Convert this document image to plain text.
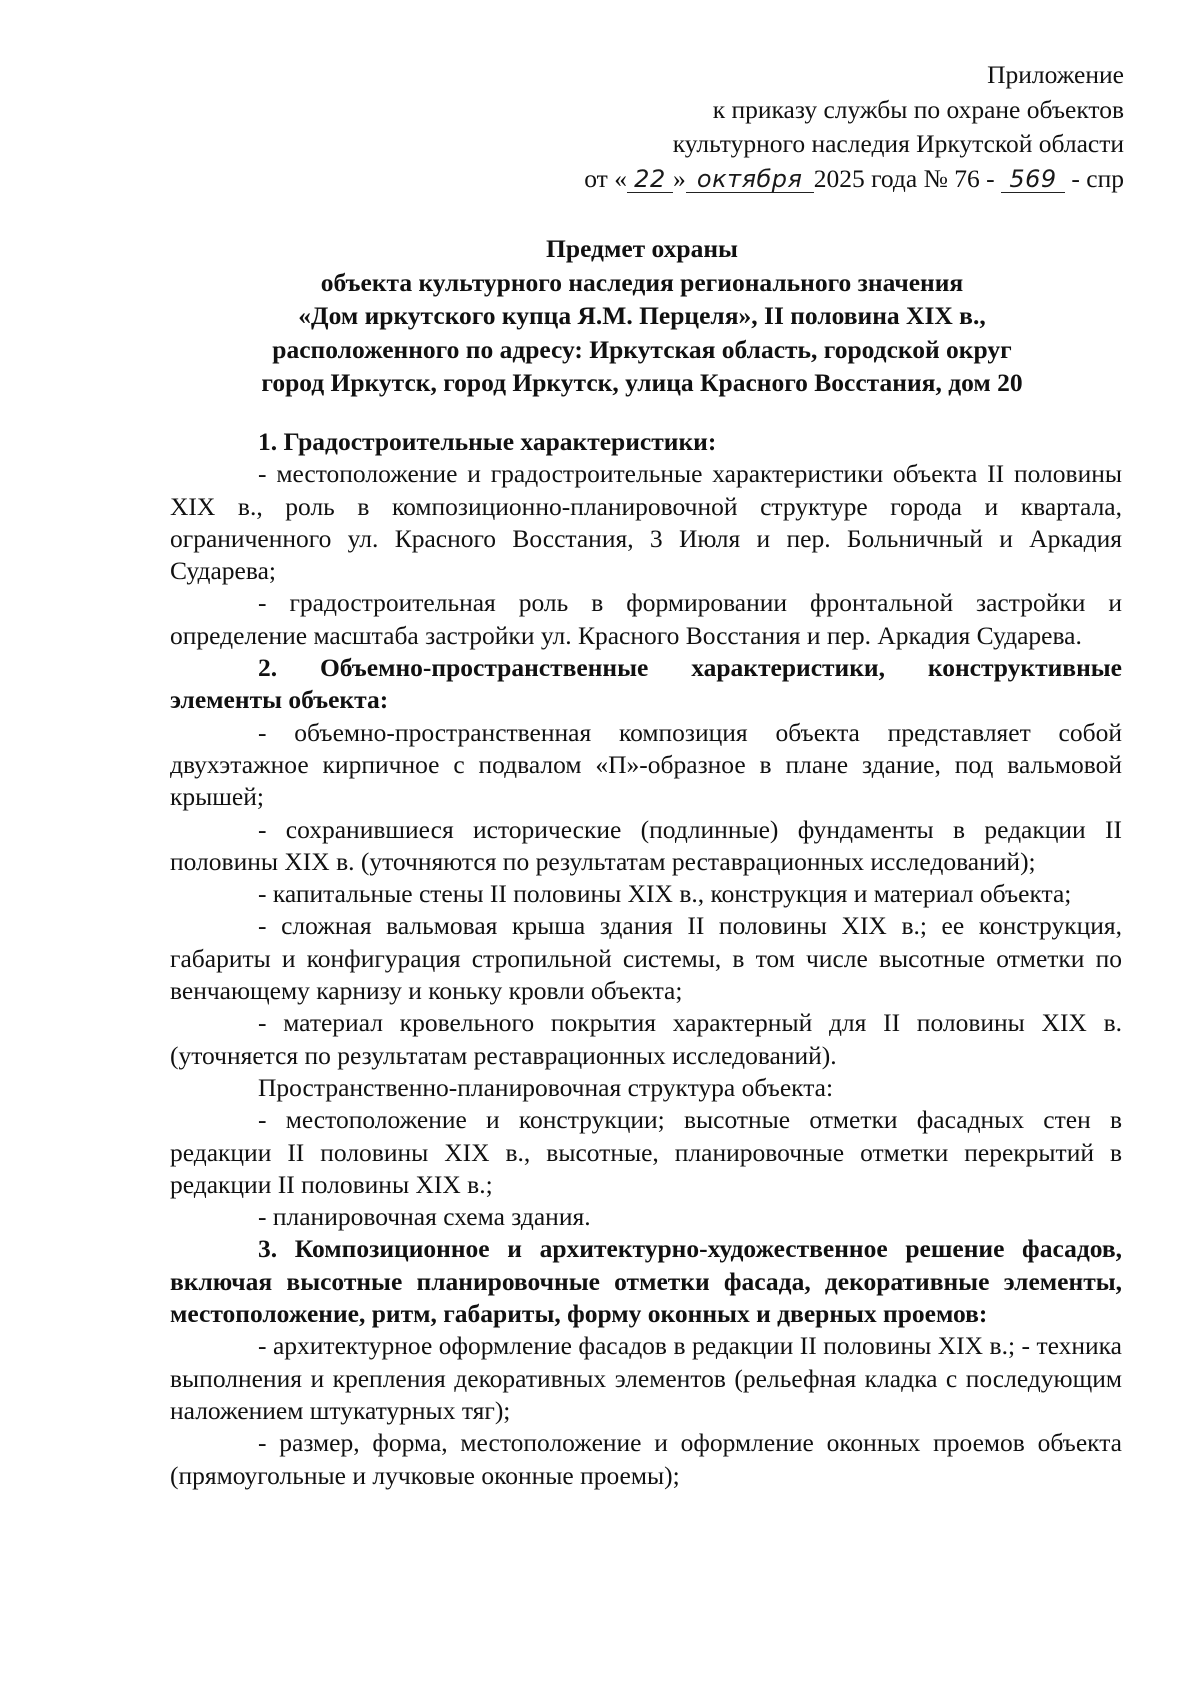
Приложение
к приказу службы по охране объектов
культурного наследия Иркутской области
от « 22 » октября 2025 года № 76 - 569 - спр
Предмет охраны
объекта культурного наследия регионального значения
«Дом иркутского купца Я.М. Перцеля», II половина XIX в.,
расположенного по адресу: Иркутская область, городской округ
город Иркутск, город Иркутск, улица Красного Восстания, дом 20

1. Градостроительные характеристики:

- местоположение и градостроительные характеристики объекта II половины XIX в., роль в композиционно-планировочной структуре города и квартала, ограниченного ул. Красного Восстания, 3 Июля и пер. Больничный и Аркадия Сударева;

- градостроительная роль в формировании фронтальной застройки и определение масштаба застройки ул. Красного Восстания и пер. Аркадия Сударева.

2. Объемно-пространственные характеристики, конструктивные элементы объекта:

- объемно-пространственная композиция объекта представляет собой двухэтажное кирпичное с подвалом «П»-образное в плане здание, под вальмовой крышей;

- сохранившиеся исторические (подлинные) фундаменты в редакции II половины XIX в. (уточняются по результатам реставрационных исследований);

- капитальные стены II половины XIX в., конструкция и материал объекта;

- сложная вальмовая крыша здания II половины XIX в.; ее конструкция, габариты и конфигурация стропильной системы, в том числе высотные отметки по венчающему карнизу и коньку кровли объекта;

- материал кровельного покрытия характерный для II половины XIX в. (уточняется по результатам реставрационных исследований).

Пространственно-планировочная структура объекта:

- местоположение и конструкции; высотные отметки фасадных стен в редакции II половины XIX в., высотные, планировочные отметки перекрытий в редакции II половины XIX в.;

- планировочная схема здания.

3. Композиционное и архитектурно-художественное решение фасадов, включая высотные планировочные отметки фасада, декоративные элементы, местоположение, ритм, габариты, форму оконных и дверных проемов:

- архитектурное оформление фасадов в редакции II половины XIX в.; - техника выполнения и крепления декоративных элементов (рельефная кладка с последующим наложением штукатурных тяг);

- размер, форма, местоположение и оформление оконных проемов объекта (прямоугольные и лучковые оконные проемы);
